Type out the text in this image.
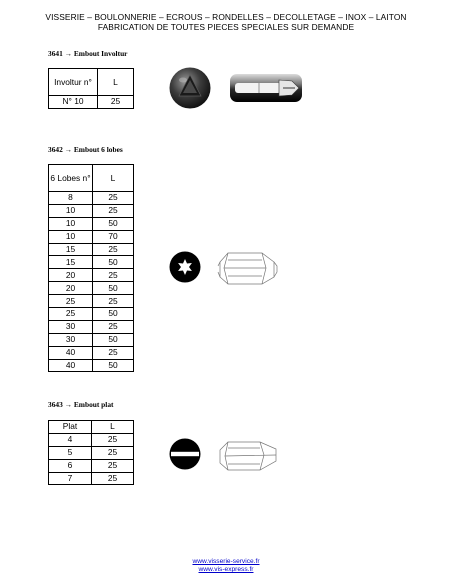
VISSERIE – BOULONNERIE – ECROUS – RONDELLES – DECOLLETAGE – INOX – LAITON
FABRICATION DE TOUTES PIECES SPECIALES SUR DEMANDE
3641 → Embout Involtur
Involtur n°	L
N° 10	25
3642 → Embout 6 lobes
6 Lobes n°	L
8	25
10	25
10	50
10	70
15	25
15	50
20	25
20	50
25	25
25	50
30	25
30	50
40	25
40	50
3643 → Embout plat
Plat	L
4	25
5	25
6	25
7	25
www.visserie-service.fr
www.vis-express.fr
